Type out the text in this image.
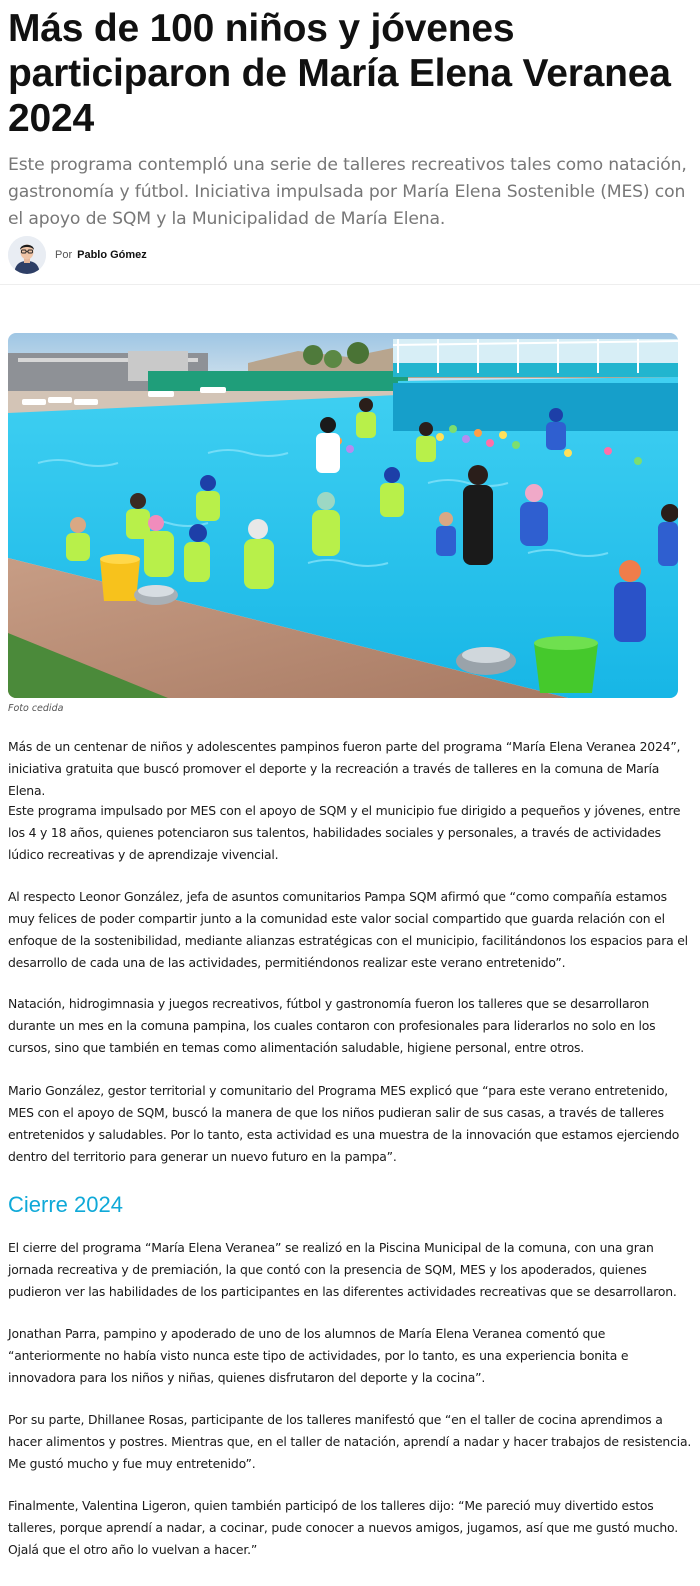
Más de 100 niños y jóvenes participaron de María Elena Veranea 2024

Este programa contempló una serie de talleres recreativos tales como natación, gastronomía y fútbol. Iniciativa impulsada por María Elena Sostenible (MES) con el apoyo de SQM y la Municipalidad de María Elena.

Por Pablo Gómez
Foto cedida

Más de un centenar de niños y adolescentes pampinos fueron parte del programa “María Elena Veranea 2024”, iniciativa gratuita que buscó promover el deporte y la recreación a través de talleres en la comuna de María Elena.

Este programa impulsado por MES con el apoyo de SQM y el municipio fue dirigido a pequeños y jóvenes, entre los 4 y 18 años, quienes potenciaron sus talentos, habilidades sociales y personales, a través de actividades lúdico recreativas y de aprendizaje vivencial.

Al respecto Leonor González, jefa de asuntos comunitarios Pampa SQM afirmó que “como compañía estamos muy felices de poder compartir junto a la comunidad este valor social compartido que guarda relación con el enfoque de la sostenibilidad, mediante alianzas estratégicas con el municipio, facilitándonos los espacios para el desarrollo de cada una de las actividades, permitiéndonos realizar este verano entretenido”.

Natación, hidrogimnasia y juegos recreativos, fútbol y gastronomía fueron los talleres que se desarrollaron durante un mes en la comuna pampina, los cuales contaron con profesionales para liderarlos no solo en los cursos, sino que también en temas como alimentación saludable, higiene personal, entre otros.

Mario González, gestor territorial y comunitario del Programa MES explicó que “para este verano entretenido, MES con el apoyo de SQM, buscó la manera de que los niños pudieran salir de sus casas, a través de talleres entretenidos y saludables. Por lo tanto, esta actividad es una muestra de la innovación que estamos ejerciendo dentro del territorio para generar un nuevo futuro en la pampa”.

Cierre 2024

El cierre del programa “María Elena Veranea” se realizó en la Piscina Municipal de la comuna, con una gran jornada recreativa y de premiación, la que contó con la presencia de SQM, MES y los apoderados, quienes pudieron ver las habilidades de los participantes en las diferentes actividades recreativas que se desarrollaron.

Jonathan Parra, pampino y apoderado de uno de los alumnos de María Elena Veranea comentó que “anteriormente no había visto nunca este tipo de actividades, por lo tanto, es una experiencia bonita e innovadora para los niños y niñas, quienes disfrutaron del deporte y la cocina”.

Por su parte, Dhillanee Rosas, participante de los talleres manifestó que “en el taller de cocina aprendimos a hacer alimentos y postres. Mientras que, en el taller de natación, aprendí a nadar y hacer trabajos de resistencia. Me gustó mucho y fue muy entretenido”.

Finalmente, Valentina Ligeron, quien también participó de los talleres dijo: “Me pareció muy divertido estos talleres, porque aprendí a nadar, a cocinar, pude conocer a nuevos amigos, jugamos, así que me gustó mucho. Ojalá que el otro año lo vuelvan a hacer.”
